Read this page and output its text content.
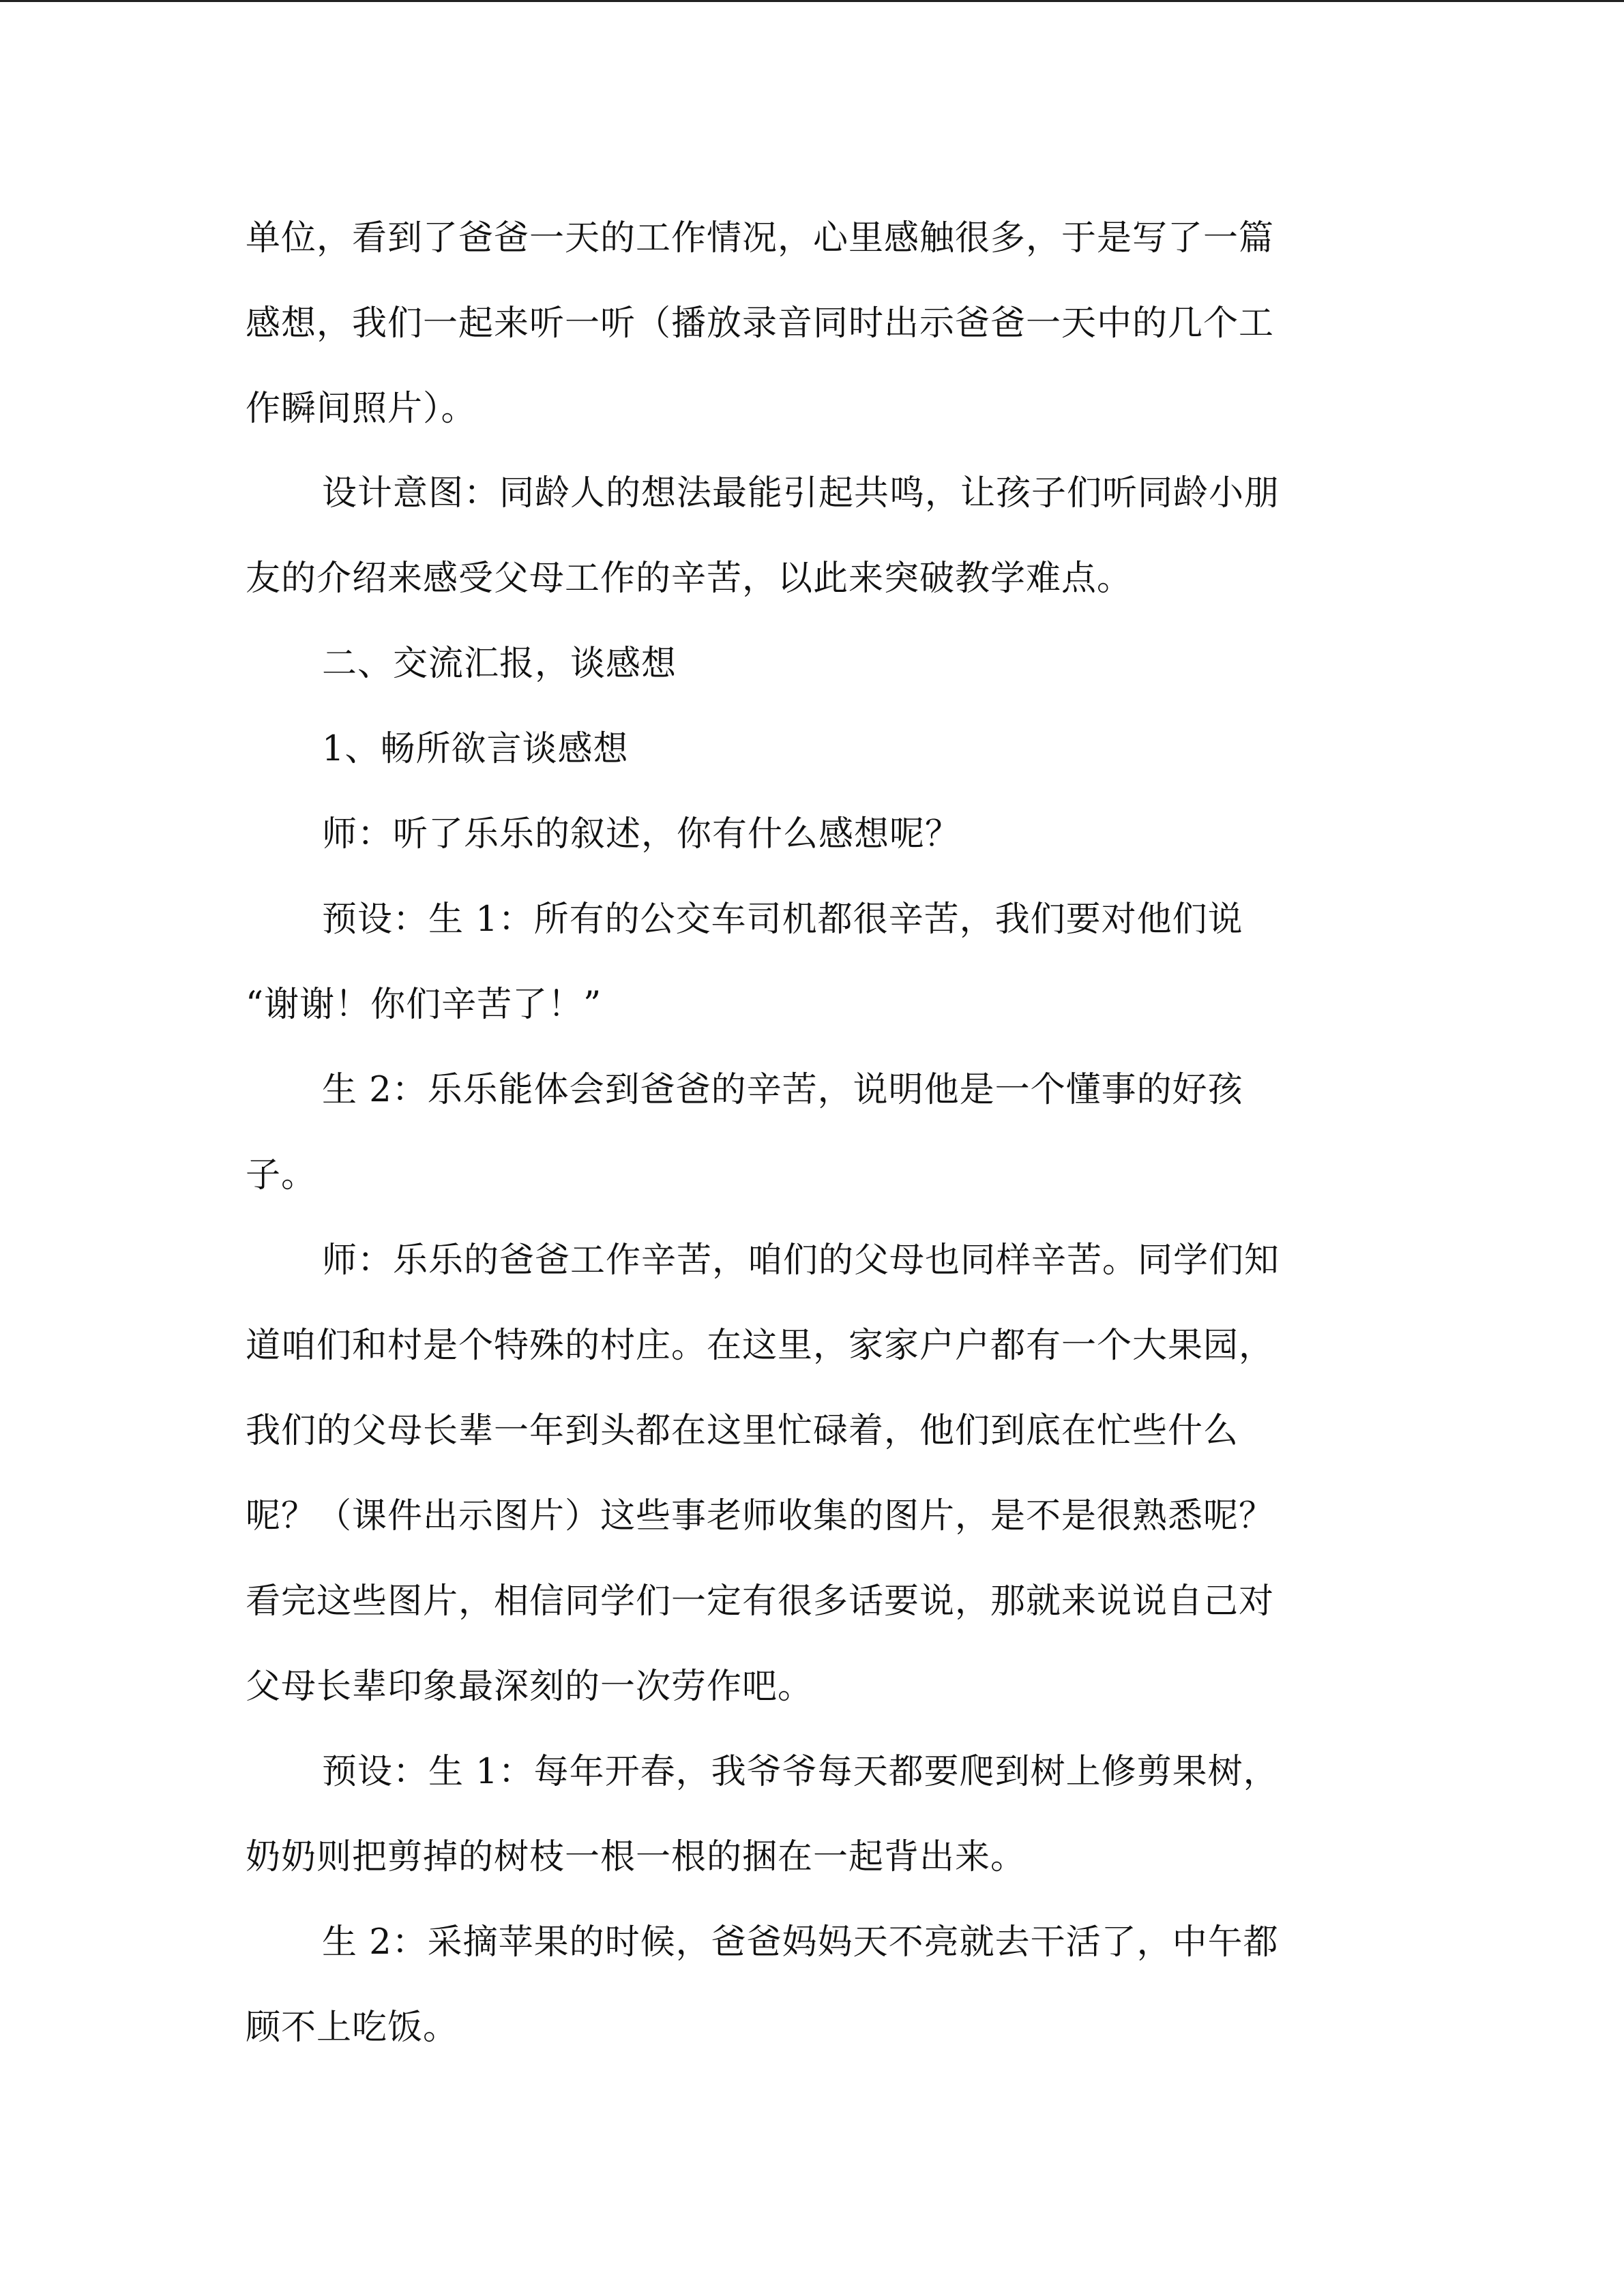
单位，看到了爸爸一天的工作情况，心里感触很多，于是写了一篇
感想，我们一起来听一听（播放录音同时出示爸爸一天中的几个工
作瞬间照片）。
设计意图：同龄人的想法最能引起共鸣，让孩子们听同龄小朋
友的介绍来感受父母工作的辛苦，以此来突破教学难点。
二、交流汇报，谈感想
1、畅所欲言谈感想
师：听了乐乐的叙述，你有什么感想呢？
预设：生 1：所有的公交车司机都很辛苦，我们要对他们说
“谢谢！你们辛苦了！”
生 2：乐乐能体会到爸爸的辛苦，说明他是一个懂事的好孩
子。
师：乐乐的爸爸工作辛苦，咱们的父母也同样辛苦。同学们知
道咱们和村是个特殊的村庄。在这里，家家户户都有一个大果园，
我们的父母长辈一年到头都在这里忙碌着，他们到底在忙些什么
呢？（课件出示图片）这些事老师收集的图片，是不是很熟悉呢？
看完这些图片，相信同学们一定有很多话要说，那就来说说自己对
父母长辈印象最深刻的一次劳作吧。
预设：生 1：每年开春，我爷爷每天都要爬到树上修剪果树，
奶奶则把剪掉的树枝一根一根的捆在一起背出来。
生 2：采摘苹果的时候，爸爸妈妈天不亮就去干活了，中午都
顾不上吃饭。
